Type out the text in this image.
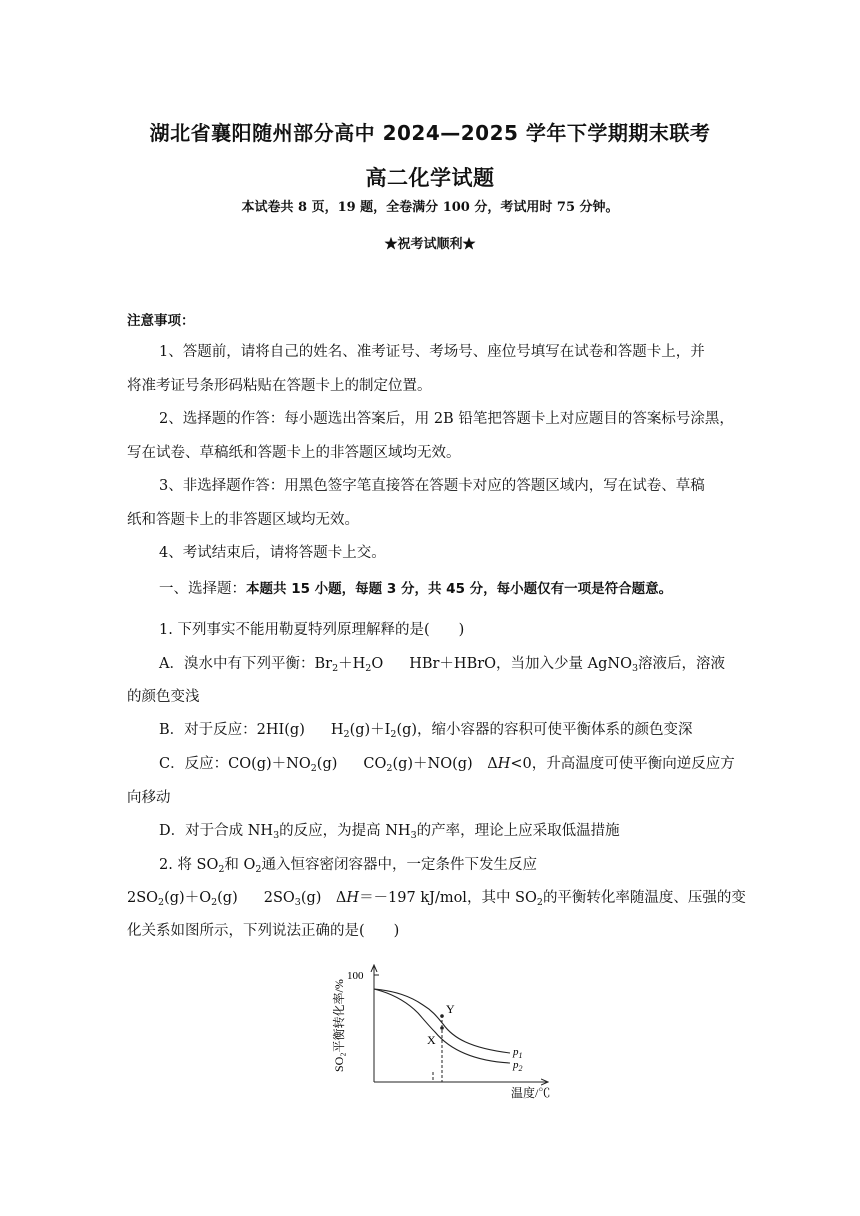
湖北省襄阳随州部分高中 2024—2025 学年下学期期末联考
高二化学试题
本试卷共 8 页，19 题，全卷满分 100 分，考试用时 75 分钟。
★祝考试顺利★
注意事项：
1、答题前，请将自己的姓名、准考证号、考场号、座位号填写在试卷和答题卡上，并
将准考证号条形码粘贴在答题卡上的制定位置。
2、选择题的作答：每小题选出答案后，用 2B 铅笔把答题卡上对应题目的答案标号涂黑，
写在试卷、草稿纸和答题卡上的非答题区域均无效。
3、非选择题作答：用黑色签字笔直接答在答题卡对应的答题区域内，写在试卷、草稿
纸和答题卡上的非答题区域均无效。
4、考试结束后，请将答题卡上交。
一、选择题：本题共 15 小题，每题 3 分，共 45 分，每小题仅有一项是符合题意。
1. 下列事实不能用勒夏特列原理解释的是(　　)
A．溴水中有下列平衡：$Br_2+H_2O$ HBr＋HBrO，当加入少量 AgNO$_3$溶液后，溶液
的颜色变浅
B．对于反应：2HI(g) $H_2(g)+I_2(g)$，缩小容器的容积可使平衡体系的颜色变深
C．反应：$CO(g)+NO_2(g)$ $CO_2(g)+NO(g)$　ΔH<0，升高温度可使平衡向逆反应方
向移动
D．对于合成 $NH_3$的反应，为提高 $NH_3$的产率，理论上应采取低温措施
2. 将 $SO_2$和 $O_2$通入恒容密闭容器中，一定条件下发生反应
$2SO_2(g)+O_2(g)$ $2SO_3(g)$　ΔH＝－197 kJ/mol，其中 $SO_2$的平衡转化率随温度、压强的变
化关系如图所示，下列说法正确的是(　　)
100
SO₂平衡转化率/%
温度/℃
Y
X
$p_1$
$p_2$
